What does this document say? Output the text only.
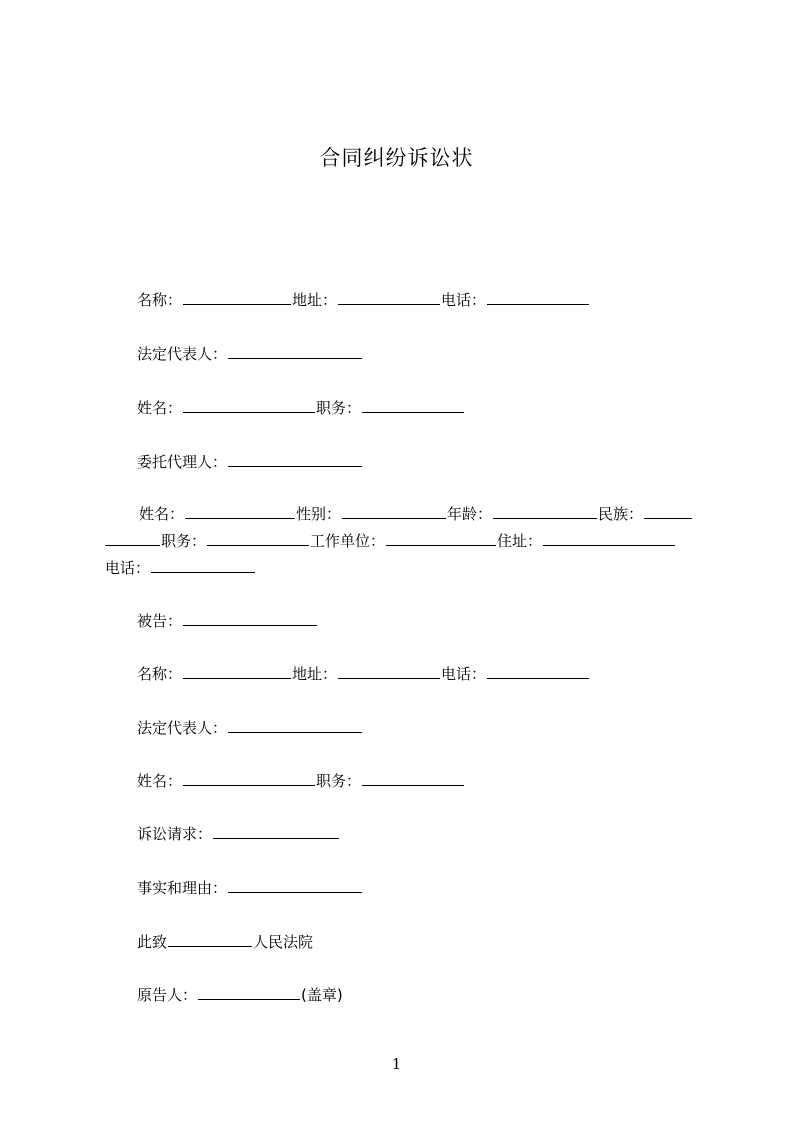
合同纠纷诉讼状
名称：	地址：	电话：
法定代表人：
姓名：	职务：
委托代理人：
姓名：	性别：	年龄：	民族：
职务：	工作单位：	住址：
电话：
被告：
名称：	地址：	电话：
法定代表人：
姓名：	职务：
诉讼请求：
事实和理由：
此致	人民法院
原告人：	(盖章)
1
